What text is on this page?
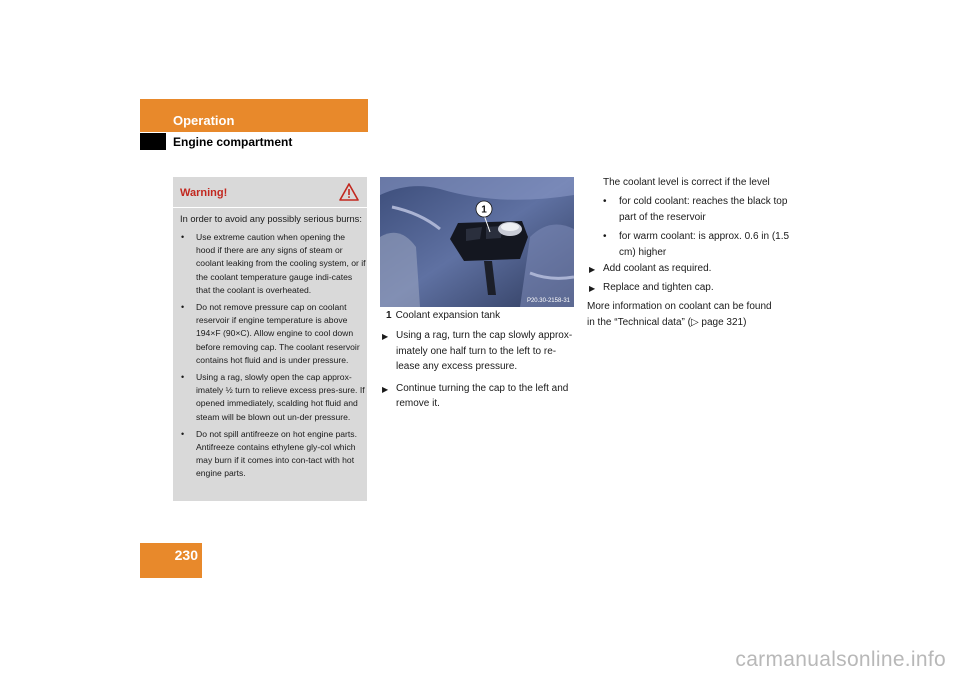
Operation
Engine compartment
Warning!
In order to avoid any possibly serious burns:
• Use extreme caution when opening the hood if there are any signs of steam or coolant leaking from the cooling system, or if the coolant temperature gauge indi-cates that the coolant is overheated.
• Do not remove pressure cap on coolant reservoir if engine temperature is above 194×F (90×C). Allow engine to cool down before removing cap. The coolant reservoir contains hot fluid and is under pressure.
• Using a rag, slowly open the cap approx-imately ½ turn to relieve excess pres-sure. If opened immediately, scalding hot fluid and steam will be blown out un-der pressure.
• Do not spill antifreeze on hot engine parts. Antifreeze contains ethylene gly-col which may burn if it comes into con-tact with hot engine parts.
1
P20.30-2158-31
1 Coolant expansion tank
▶ Using a rag, turn the cap slowly approx-imately one half turn to the left to re-lease any excess pressure.
▶ Continue turning the cap to the left and remove it.
The coolant level is correct if the level
• for cold coolant: reaches the black top part of the reservoir
• for warm coolant: is approx. 0.6 in (1.5 cm) higher
▶ Add coolant as required.
▶ Replace and tighten cap.
More information on coolant can be found in the “Technical data” (▷ page 321)
230
carmanualsonline.info
